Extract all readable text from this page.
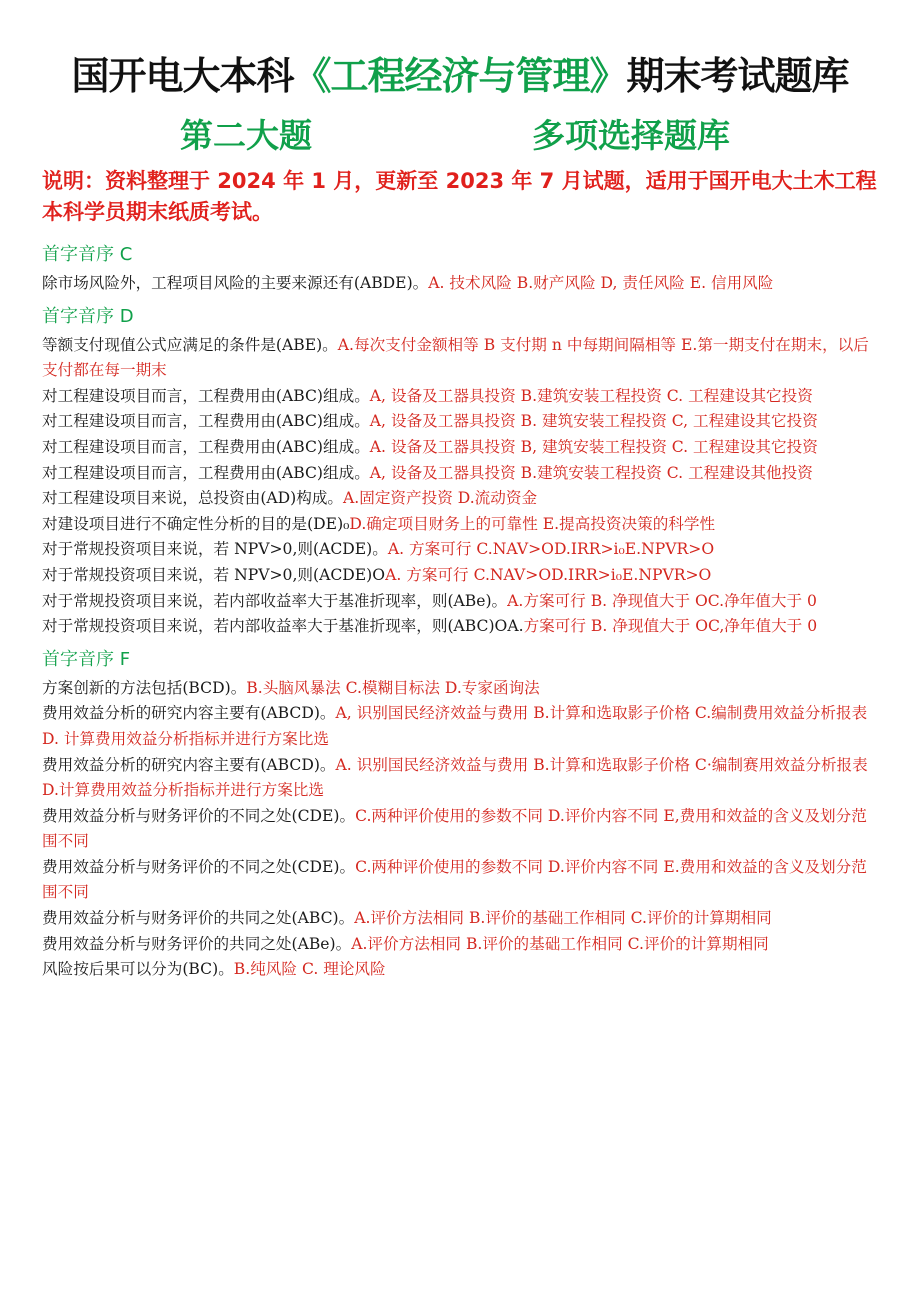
国开电大本科《工程经济与管理》期末考试题库
第二大题	多项选择题库
说明：资料整理于 2024 年 1 月，更新至 2023 年 7 月试题，适用于国开电大土木工程本科学员期末纸质考试。
首字音序 C

除市场风险外，工程项目风险的主要来源还有(ABDE)。A. 技术风险 B.财产风险 D, 责任风险 E. 信用风险

首字音序 D

等额支付现值公式应满足的条件是(ABE)。A.每次支付金额相等 B 支付期 n 中每期间隔相等 E.第一期支付在期末，以后支付都在每一期末

对工程建设项目而言，工程费用由(ABC)组成。A, 设备及工器具投资 B.建筑安装工程投资 C. 工程建设其它投资

对工程建设项目而言，工程费用由(ABC)组成。A, 设备及工器具投资 B. 建筑安装工程投资 C, 工程建设其它投资

对工程建设项目而言，工程费用由(ABC)组成。A. 设备及工器具投资 B, 建筑安装工程投资 C. 工程建设其它投资

对工程建设项目而言，工程费用由(ABC)组成。A, 设备及工器具投资 B.建筑安装工程投资 C. 工程建设其他投资

对工程建设项目来说，总投资由(AD)构成。A.固定资产投资 D.流动资金

对建设项目进行不确定性分析的目的是(DE)₀D.确定项目财务上的可靠性 E.提高投资决策的科学性

对于常规投资项目来说，若 NPV>0,则(ACDE)。A. 方案可行 C.NAV>OD.IRR>i₀E.NPVR>O

对于常规投资项目来说，若 NPV>0,则(ACDE)OA. 方案可行 C.NAV>OD.IRR>i₀E.NPVR>O

对于常规投资项目来说，若内部收益率大于基准折现率，则(ABe)。A.方案可行 B. 净现值大于 OC.净年值大于 0

对于常规投资项目来说，若内部收益率大于基准折现率，则(ABC)OA.方案可行 B. 净现值大于 OC,净年值大于 0

首字音序 F

方案创新的方法包括(BCD)。B.头脑风暴法 C.模糊目标法 D.专家函询法

费用效益分析的研究内容主要有(ABCD)。A, 识别国民经济效益与费用 B.计算和选取影子价格 C.编制费用效益分析报表 D. 计算费用效益分析指标并进行方案比选

费用效益分析的研究内容主要有(ABCD)。A. 识别国民经济效益与费用 B.计算和选取影子价格 C·编制赛用效益分析报表 D.计算费用效益分析指标并进行方案比选

费用效益分析与财务评价的不同之处(CDE)。C.两种评价使用的参数不同 D.评价内容不同 E,费用和效益的含义及划分范围不同

费用效益分析与财务评价的不同之处(CDE)。C.两种评价使用的参数不同 D.评价内容不同 E.费用和效益的含义及划分范围不同

费用效益分析与财务评价的共同之处(ABC)。A.评价方法相同 B.评价的基础工作相同 C.评价的计算期相同

费用效益分析与财务评价的共同之处(ABe)。A.评价方法相同 B.评价的基础工作相同 C.评价的计算期相同

风险按后果可以分为(BC)。B.纯风险 C. 理论风险
